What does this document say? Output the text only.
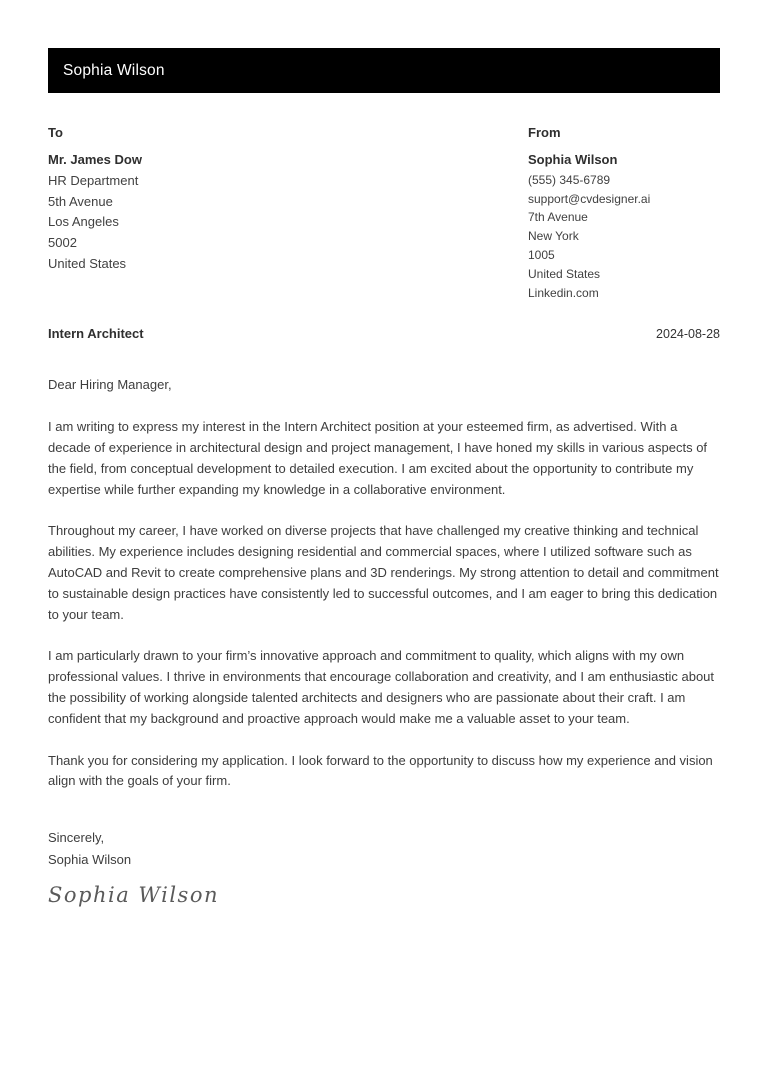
Sophia Wilson
To
Mr. James Dow
HR Department
5th Avenue
Los Angeles
5002
United States
From
Sophia Wilson
(555) 345-6789
support@cvdesigner.ai
7th Avenue
New York
1005
United States
Linkedin.com
Intern Architect	2024-08-28
Dear Hiring Manager,

I am writing to express my interest in the Intern Architect position at your esteemed firm, as advertised. With a decade of experience in architectural design and project management, I have honed my skills in various aspects of the field, from conceptual development to detailed execution. I am excited about the opportunity to contribute my expertise while further expanding my knowledge in a collaborative environment.

Throughout my career, I have worked on diverse projects that have challenged my creative thinking and technical abilities. My experience includes designing residential and commercial spaces, where I utilized software such as AutoCAD and Revit to create comprehensive plans and 3D renderings. My strong attention to detail and commitment to sustainable design practices have consistently led to successful outcomes, and I am eager to bring this dedication to your team.

I am particularly drawn to your firm’s innovative approach and commitment to quality, which aligns with my own professional values. I thrive in environments that encourage collaboration and creativity, and I am enthusiastic about the possibility of working alongside talented architects and designers who are passionate about their craft. I am confident that my background and proactive approach would make me a valuable asset to your team.

Thank you for considering my application. I look forward to the opportunity to discuss how my experience and vision align with the goals of your firm.

Sincerely,
Sophia Wilson
Sophia Wilson
